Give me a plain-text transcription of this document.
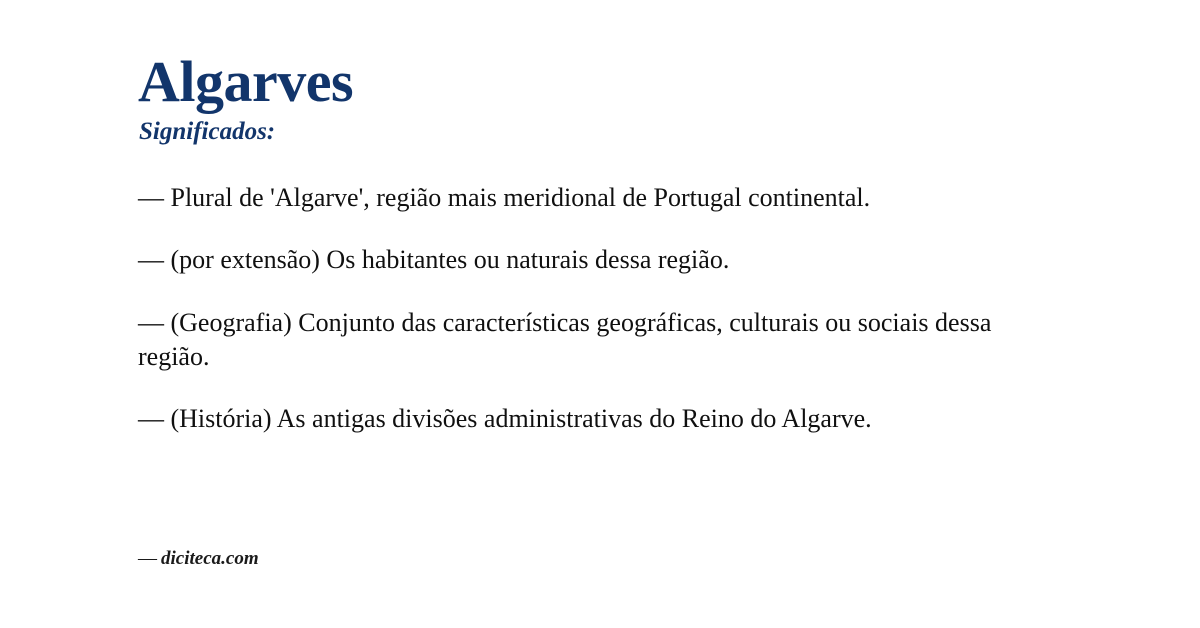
Algarves
Significados:

— Plural de 'Algarve', região mais meridional de Portugal continental.

— (por extensão) Os habitantes ou naturais dessa região.

— (Geografia) Conjunto das características geográficas, culturais ou sociais dessa região.

— (História) As antigas divisões administrativas do Reino do Algarve.

— diciteca.com
